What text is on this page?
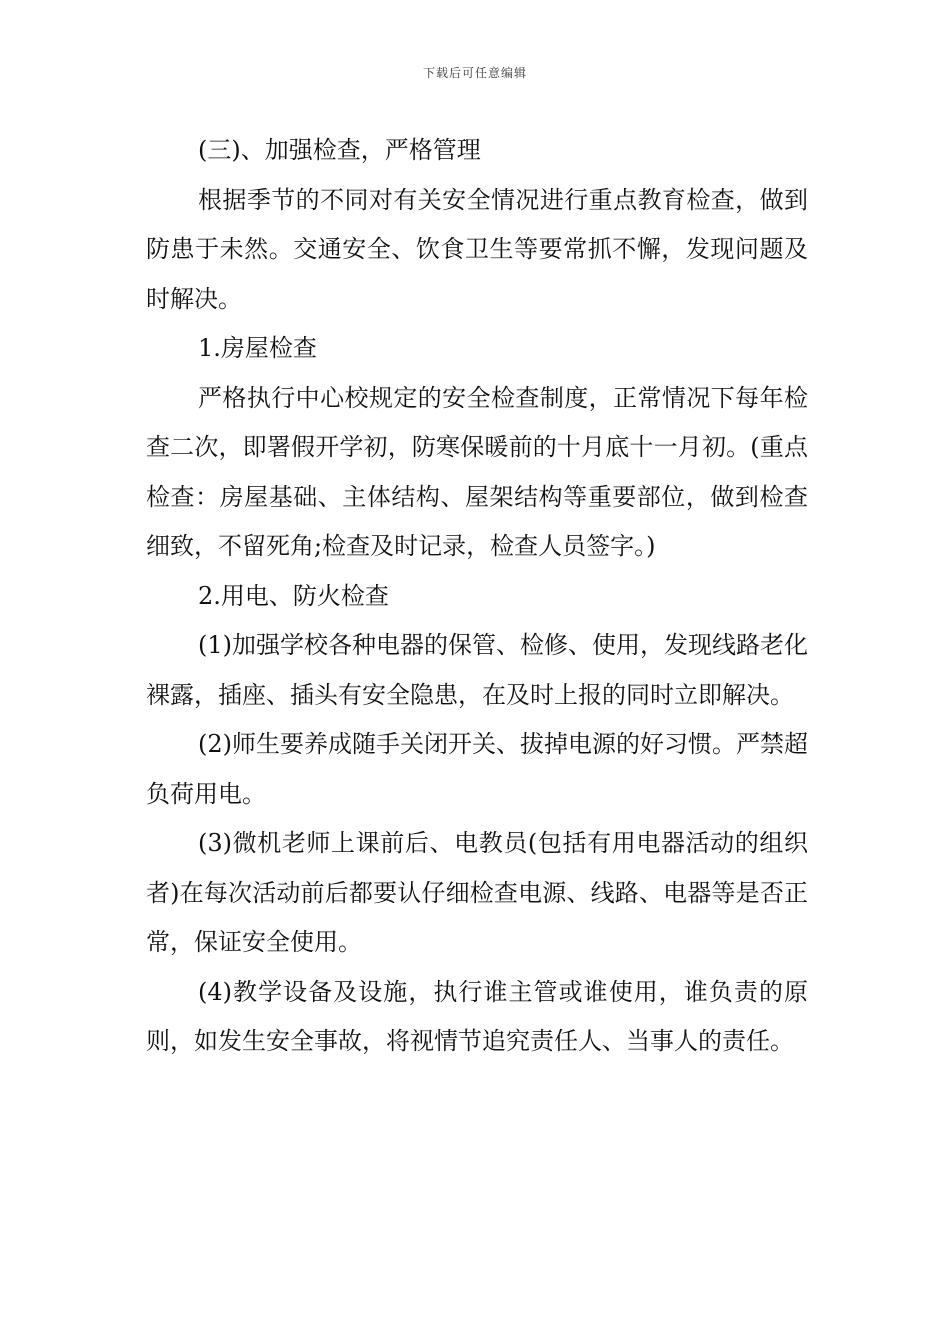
下载后可任意编辑

(三)、加强检查，严格管理

根据季节的不同对有关安全情况进行重点教育检查，做到防患于未然。交通安全、饮食卫生等要常抓不懈，发现问题及时解决。

1.房屋检查

严格执行中心校规定的安全检查制度，正常情况下每年检查二次，即署假开学初，防寒保暖前的十月底十一月初。(重点检查：房屋基础、主体结构、屋架结构等重要部位，做到检查细致，不留死角;检查及时记录，检查人员签字。)

2.用电、防火检查

(1)加强学校各种电器的保管、检修、使用，发现线路老化裸露，插座、插头有安全隐患，在及时上报的同时立即解决。

(2)师生要养成随手关闭开关、拔掉电源的好习惯。严禁超负荷用电。

(3)微机老师上课前后、电教员(包括有用电器活动的组织者)在每次活动前后都要认仔细检查电源、线路、电器等是否正常，保证安全使用。

(4)教学设备及设施，执行谁主管或谁使用，谁负责的原则，如发生安全事故，将视情节追究责任人、当事人的责任。
